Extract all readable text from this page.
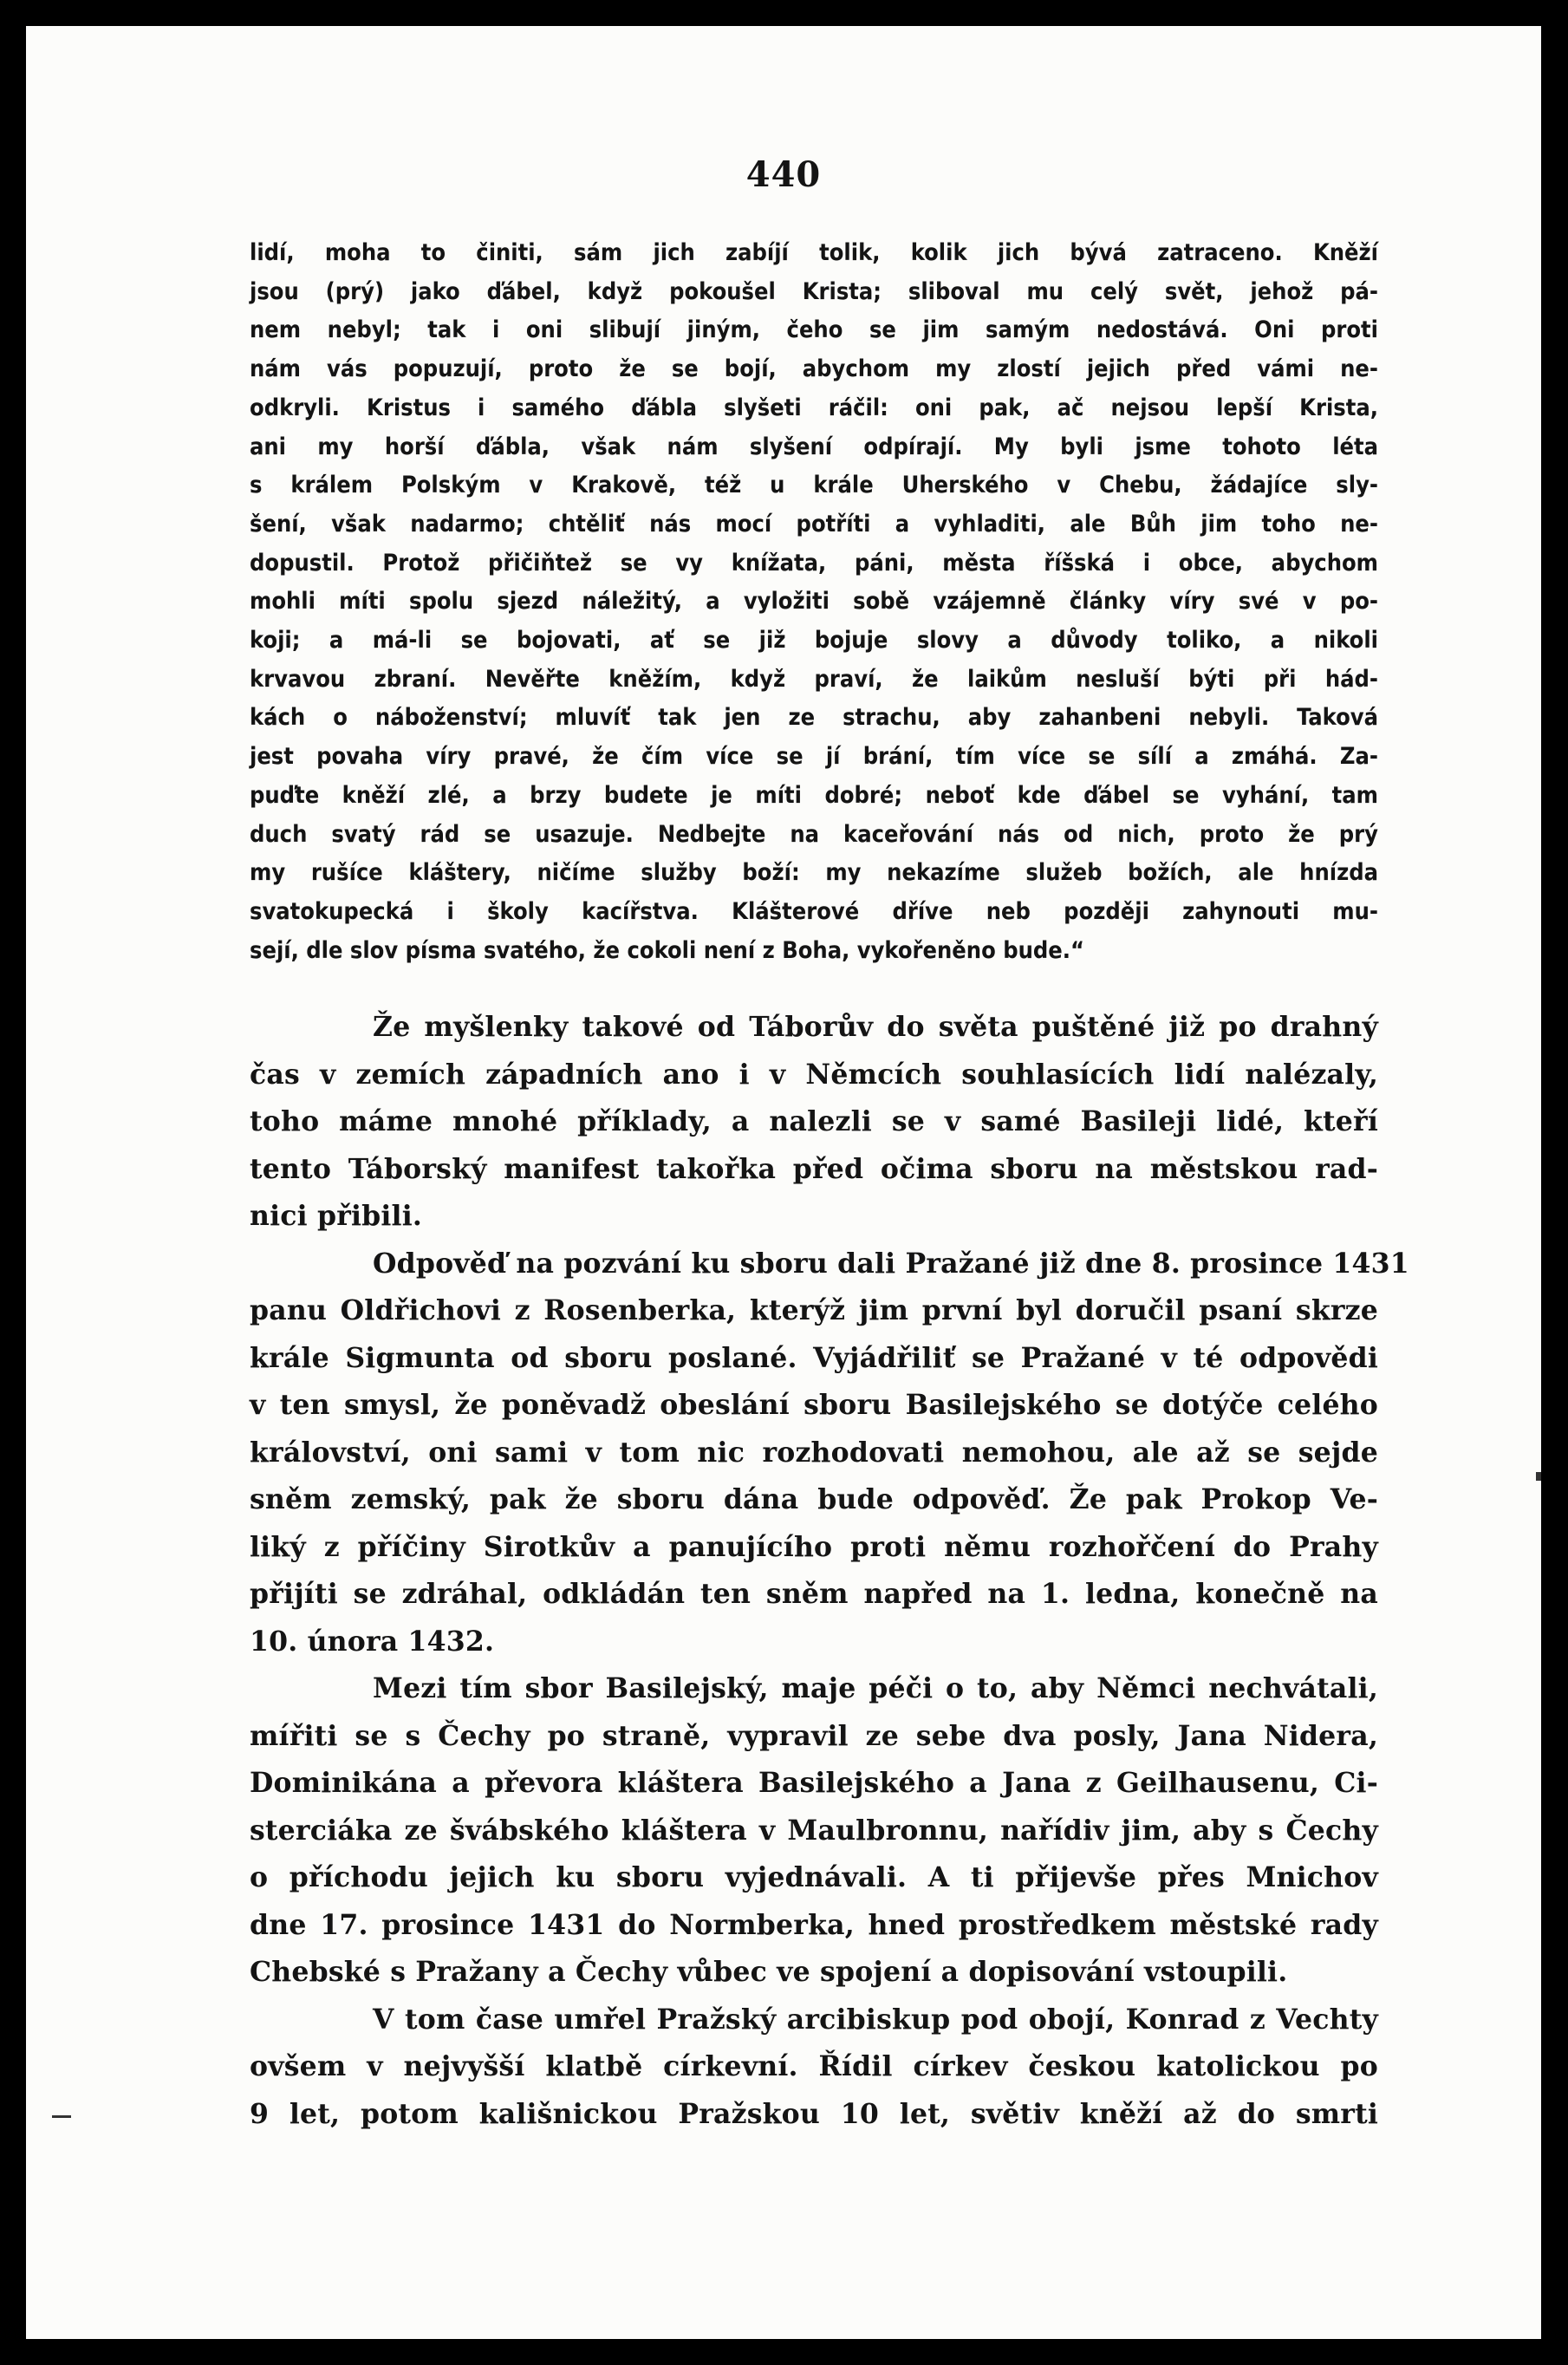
440
lidí, moha to činiti, sám jich zabíjí tolik, kolik jich bývá zatraceno. Kněží
jsou (prý) jako ďábel, když pokoušel Krista; sliboval mu celý svět, jehož pá-
nem nebyl; tak i oni slibují jiným, čeho se jim samým nedostává. Oni proti
nám vás popuzují, proto že se bojí, abychom my zlostí jejich před vámi ne-
odkryli. Kristus i samého ďábla slyšeti ráčil: oni pak, ač nejsou lepší Krista,
ani my horší ďábla, však nám slyšení odpírají. My byli jsme tohoto léta
s králem Polským v Krakově, též u krále Uherského v Chebu, žádajíce sly-
šení, však nadarmo; chtěliť nás mocí potříti a vyhladiti, ale Bůh jim toho ne-
dopustil. Protož přičiňtež se vy knížata, páni, města říšská i obce, abychom
mohli míti spolu sjezd náležitý, a vyložiti sobě vzájemně články víry své v po-
koji; a má-li se bojovati, ať se již bojuje slovy a důvody toliko, a nikoli
krvavou zbraní. Nevěřte kněžím, když praví, že laikům nesluší býti při hád-
kách o náboženství; mluvíť tak jen ze strachu, aby zahanbeni nebyli. Taková
jest povaha víry pravé, že čím více se jí brání, tím více se sílí a zmáhá. Za-
puďte kněží zlé, a brzy budete je míti dobré; neboť kde ďábel se vyhání, tam
duch svatý rád se usazuje. Nedbejte na kaceřování nás od nich, proto že prý
my rušíce kláštery, ničíme služby boží: my nekazíme služeb božích, ale hnízda
svatokupecká i školy kacířstva. Klášterové dříve neb později zahynouti mu-
sejí, dle slov písma svatého, že cokoli není z Boha, vykořeněno bude.“
Že myšlenky takové od Táborův do světa puštěné již po drahný
čas v zemích západních ano i v Němcích souhlasících lidí nalézaly,
toho máme mnohé příklady, a nalezli se v samé Basileji lidé, kteří
tento Táborský manifest takořka před očima sboru na městskou rad-
nici přibili.
Odpověď na pozvání ku sboru dali Pražané již dne 8. prosince 1431
panu Oldřichovi z Rosenberka, kterýž jim první byl doručil psaní skrze
krále Sigmunta od sboru poslané. Vyjádřiliť se Pražané v té odpovědi
v ten smysl, že poněvadž obeslání sboru Basilejského se dotýče celého
království, oni sami v tom nic rozhodovati nemohou, ale až se sejde
sněm zemský, pak že sboru dána bude odpověď. Že pak Prokop Ve-
liký z příčiny Sirotkův a panujícího proti němu rozhořčení do Prahy
přijíti se zdráhal, odkládán ten sněm napřed na 1. ledna, konečně na
10. února 1432.
Mezi tím sbor Basilejský, maje péči o to, aby Němci nechvátali,
mířiti se s Čechy po straně, vypravil ze sebe dva posly, Jana Nidera,
Dominikána a převora kláštera Basilejského a Jana z Geilhausenu, Ci-
sterciáka ze švábského kláštera v Maulbronnu, nařídiv jim, aby s Čechy
o příchodu jejich ku sboru vyjednávali. A ti přijevše přes Mnichov
dne 17. prosince 1431 do Normberka, hned prostředkem městské rady
Chebské s Pražany a Čechy vůbec ve spojení a dopisování vstoupili.
V tom čase umřel Pražský arcibiskup pod obojí, Konrad z Vechty
ovšem v nejvyšší klatbě církevní. Řídil církev českou katolickou po
9 let, potom kališnickou Pražskou 10 let, světiv kněží až do smrti
